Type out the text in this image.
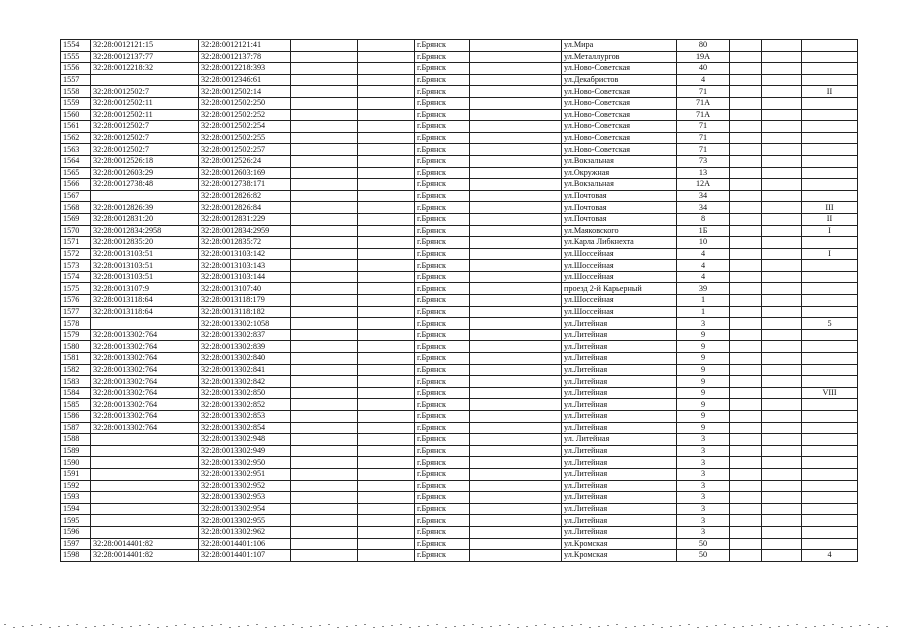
1554	32:28:0012121:15	32:28:0012121:41			г.Брянск		ул.Мира	80			
1555	32:28:0012137:77	32:28:0012137:78			г.Брянск		ул.Металлургов	19А			
1556	32:28:0012218:32	32:28:0012218:393			г.Брянск		ул.Ново-Советская	40			
1557		32:28:0012346:61			г.Брянск		ул.Декабристов	4			
1558	32:28:0012502:7	32:28:0012502:14			г.Брянск		ул.Ново-Советская	71			II
1559	32:28:0012502:11	32:28:0012502:250			г.Брянск		ул.Ново-Советская	71А			
1560	32:28:0012502:11	32:28:0012502:252			г.Брянск		ул.Ново-Советская	71А			
1561	32:28:0012502:7	32:28:0012502:254			г.Брянск		ул.Ново-Советская	71			
1562	32:28:0012502:7	32:28:0012502:255			г.Брянск		ул.Ново-Советская	71			
1563	32:28:0012502:7	32:28:0012502:257			г.Брянск		ул.Ново-Советская	71			
1564	32:28:0012526:18	32:28:0012526:24			г.Брянск		ул.Вокзальная	73			
1565	32:28:0012603:29	32:28:0012603:169			г.Брянск		ул.Окружная	13			
1566	32:28:0012738:48	32:28:0012738:171			г.Брянск		ул.Вокзальная	12А			
1567		32:28:0012826:82			г.Брянск		ул.Почтовая	34			
1568	32:28:0012826:39	32:28:0012826:84			г.Брянск		ул.Почтовая	34			III
1569	32:28:0012831:20	32:28:0012831:229			г.Брянск		ул.Почтовая	8			II
1570	32:28:0012834:2958	32:28:0012834:2959			г.Брянск		ул.Маяковского	1Б			I
1571	32:28:0012835:20	32:28:0012835:72			г.Брянск		ул.Карла Либкнехта	10			
1572	32:28:0013103:51	32:28:0013103:142			г.Брянск		ул.Шоссейная	4			I
1573	32:28:0013103:51	32:28:0013103:143			г.Брянск		ул.Шоссейная	4			
1574	32:28:0013103:51	32:28:0013103:144			г.Брянск		ул.Шоссейная	4			
1575	32:28:0013107:9	32:28:0013107:40			г.Брянск		проезд 2-й Карьерный	39			
1576	32:28:0013118:64	32:28:0013118:179			г.Брянск		ул.Шоссейная	1			
1577	32:28:0013118:64	32:28:0013118:182			г.Брянск		ул.Шоссейная	1			
1578		32:28:0013302:1058			г.Брянск		ул.Литейная	3			5
1579	32:28:0013302:764	32:28:0013302:837			г.Брянск		ул.Литейная	9			
1580	32:28:0013302:764	32:28:0013302:839			г.Брянск		ул.Литейная	9			
1581	32:28:0013302:764	32:28:0013302:840			г.Брянск		ул.Литейная	9			
1582	32:28:0013302:764	32:28:0013302:841			г.Брянск		ул.Литейная	9			
1583	32:28:0013302:764	32:28:0013302:842			г.Брянск		ул.Литейная	9			
1584	32:28:0013302:764	32:28:0013302:850			г.Брянск		ул.Литейная	9			VIII
1585	32:28:0013302:764	32:28:0013302:852			г.Брянск		ул.Литейная	9			
1586	32:28:0013302:764	32:28:0013302:853			г.Брянск		ул.Литейная	9			
1587	32:28:0013302:764	32:28:0013302:854			г.Брянск		ул.Литейная	9			
1588		32:28:0013302:948			г.Брянск		ул. Литейная	3			
1589		32:28:0013302:949			г.Брянск		ул.Литейная	3			
1590		32:28:0013302:950			г.Брянск		ул.Литейная	3			
1591		32:28:0013302:951			г.Брянск		ул.Литейная	3			
1592		32:28:0013302:952			г.Брянск		ул.Литейная	3			
1593		32:28:0013302:953			г.Брянск		ул.Литейная	3			
1594		32:28:0013302:954			г.Брянск		ул.Литейная	3			
1595		32:28:0013302:955			г.Брянск		ул.Литейная	3			
1596		32:28:0013302:962			г.Брянск		ул.Литейная	3			
1597	32:28:0014401:82	32:28:0014401:106			г.Брянск		ул.Кромская	50			
1598	32:28:0014401:82	32:28:0014401:107			г.Брянск		ул.Кромская	50			4
